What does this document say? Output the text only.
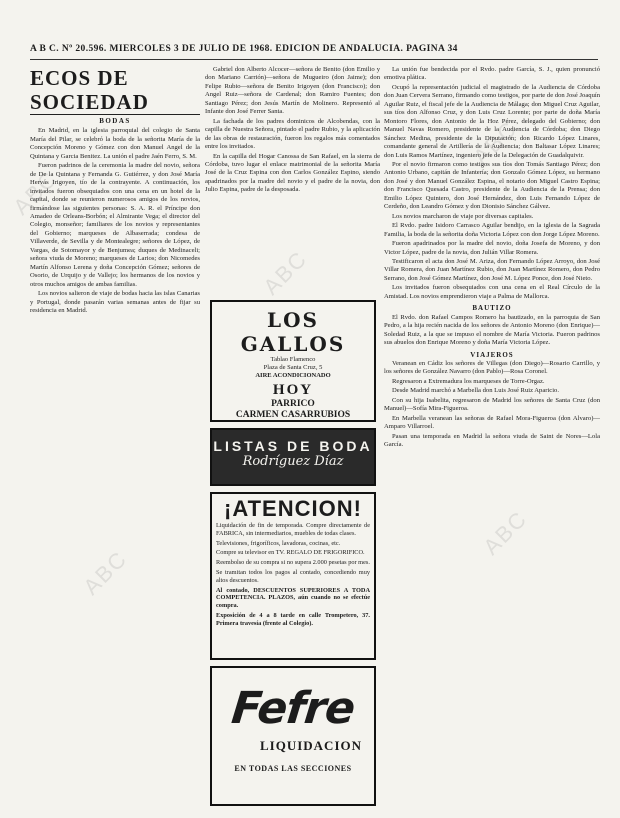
ABC
ABC
ABC
ABC
ABC
A B C. Nº 20.596. MIERCOLES 3 DE JULIO DE 1968. EDICION DE ANDALUCIA. PAGINA 34
ECOS DE SOCIEDAD
BODAS

En Madrid, en la iglesia parroquial del colegio de Santa María del Pilar, se celebró la boda de la señorita María de la Concepción Moreno y Gómez con don Manuel Angel de la Quintana y Garcia Benitez. La unión el padre Jaén Ferro, S. M.

Fueron padrinos de la ceremonia la madre del novio, señora de De la Quintana y Fernanda G. Gutiérrez, y don José María Hervás Irigoyen, tío de la contrayente. A continuación, los invitados fueron obsequiados con una cena en un hotel de la capital, donde se reunieron numerosos amigos de los novios, firmándose las siguientes personas: S. A. R. el Príncipe don Amadeo de Orleans-Borbón; el Almirante Vega; el director del Colegio, monseñor; familiares de los novios y representantes del Gobierno; marqueses de Albaserrada; condesa de Villaverde, de Sevilla y de Montealegre; señores de López, de Vargas, de Sotomayor y de Benjumea; duques de Medinaceli; señora viuda de Moreno; marqueses de Larios; don Nicomedes Martín Alfonso Lerena y doña Concepción Gómez; señores de Osorio, de Urquijo y de Vallejo; los hermanos de los novios y otros muchos amigos de ambas familias.

Los novios salieron de viaje de bodas hacia las islas Canarias y Portugal, donde pasarán varias semanas antes de fijar su residencia en Madrid.

Gabriel don Alberto Alcocer—señora de Benito (don Emilio y don Mariano Carrión)—señora de Mugueiro (don Jaime); don Felipe Rubio—señora de Benito Irigoyen (don Francisco); don Angel Ruiz—señora de Cardenal; don Ramiro Fuentes; don Santiago Pérez; don Jesús Martín de Molinero. Representó al Infante don José Ferrer Santa.

La fachada de los padres dominicos de Alcobendas, con la capilla de Nuestra Señora, pintado el padre Rubio, y la aplicación de las obras de restauración, fueron los regalos más comentados entre los invitados.

En la capilla del Hogar Canossa de San Rafael, en la sierra de Córdoba, tuvo lugar el enlace matrimonial de la señorita María José de la Cruz Espina con don Carlos González Espino, siendo apadrinados por la madre del novio y el padre de la novia, don Julio Espina, padre de la desposada.

LOS GALLOS
Tablao Flamenco
Plaza de Santa Cruz, 5
AIRE ACONDICIONADO
HOY
PARRICO
CARMEN CASARRUBIOS
LISTAS DE BODA
Rodríguez Díaz
¡ATENCION!

Liquidación de fin de temporada. Compre directamente de FABRICA, sin intermediarios, muebles de todas clases.

Televisiones, frigoríficos, lavadoras, cocinas, etc.

Compre su televisor en TV. REGALO DE FRIGORIFICO.

Reembolso de su compra si no supera 2.000 pesetas por mes.

Se tramitan todos los pagos al contado, concediendo muy altos descuentos.

Al contado, DESCUENTOS SUPERIORES A TODA COMPETENCIA. PLAZOS, aún cuando no se efectúe compra.

Exposición de 4 a 8 tarde en calle Trompetero, 37. Primera travesía (frente al Colegio).

Fefre
LIQUIDACION
EN TODAS LAS SECCIONES

La unión fue bendecida por el Rvdo. padre García, S. J., quien pronunció emotiva plática.

Ocupó la representación judicial el magistrado de la Audiencia de Córdoba don Juan Cervera Serrano, firmando como testigos, por parte de don José Joaquín Aguilar Ruiz, el fiscal jefe de la Audiencia de Málaga; don Miguel Cruz Aguilar, sus tíos don Alfonso Cruz, y don Luis Cruz Lorente; por parte de doña María Montoro Flores, don Antonio de la Hoz Pérez, delegado del Gobierno; don Manuel Navas Romero, presidente de la Audiencia de Córdoba; don Diego Sánchez Medina, presidente de la Diputación; don Ricardo López Linares, comandante general de Artillería de la Audiencia; don Baltasar López Linares; don Luis Ramos Martínez, ingeniero jefe de la Delegación de Guadalquivir.

Por el novio firmaron como testigos sus tíos don Tomás Santiago Pérez; don Antonio Urbano, capitán de Infantería; don Gonzalo Gómez López, su hermano don José y don Manuel González Espina, el notario don Miguel Castro Espina; don Francisco Quesada Castro, presidente de la Audiencia de la Prensa; don Emilio López Quintero, don José Hernández, don Luis Fernando López de Cerdeño, don Leandro Gómez y don Dionisio Sánchez Gálvez.

Los novios marcharon de viaje por diversas capitales.

El Rvdo. padre Isidoro Carrasco Aguilar bendijo, en la iglesia de la Sagrada Familia, la boda de la señorita doña Victoria López con don Jorge López Moreno.

Fueron apadrinados por la madre del novio, doña Josefa de Moreno, y don Victor López, padre de la novia, don Julián Villar Romera.

Testificaron el acta don José M. Ariza, don Fernando López Arroyo, don José Villar Romera, don Juan Martínez Rubio, don Juan Martínez Romero, don Pedro Serrano, don José Gómez Martínez, don José M. López Ponce, don José Nieto.

Los invitados fueron obsequiados con una cena en el Real Círculo de la Amistad. Los novios emprendieron viaje a Palma de Mallorca.

BAUTIZO

El Rvdo. don Rafael Campos Romero ha bautizado, en la parroquia de San Pedro, a la hija recién nacida de los señores de Antonio Moreno (don Enrique)—Soledad Ruiz, a la que se impuso el nombre de María Victoria. Fueron padrinos sus abuelos don Enrique Moreno y doña María Victoria López.

VIAJEROS

Veranean en Cádiz los señores de Villegas (don Diego)—Rosario Carrillo, y los señores de González Navarro (don Pablo)—Rosa Coronel.

Regresaron a Extremadura los marqueses de Torre-Orgaz.

Desde Madrid marchó a Marbella don Luis José Ruiz Aparicio.

Con su hija Isabelita, regresaron de Madrid los señores de Santa Cruz (don Manuel)—Sofía Mira-Figueroa.

En Marbella veranean las señoras de Rafael Mora-Figueroa (don Alvaro)—Amparo Villarroel.

Pasan una temporada en Madrid la señora viuda de Saint de Nores—Lola García.
